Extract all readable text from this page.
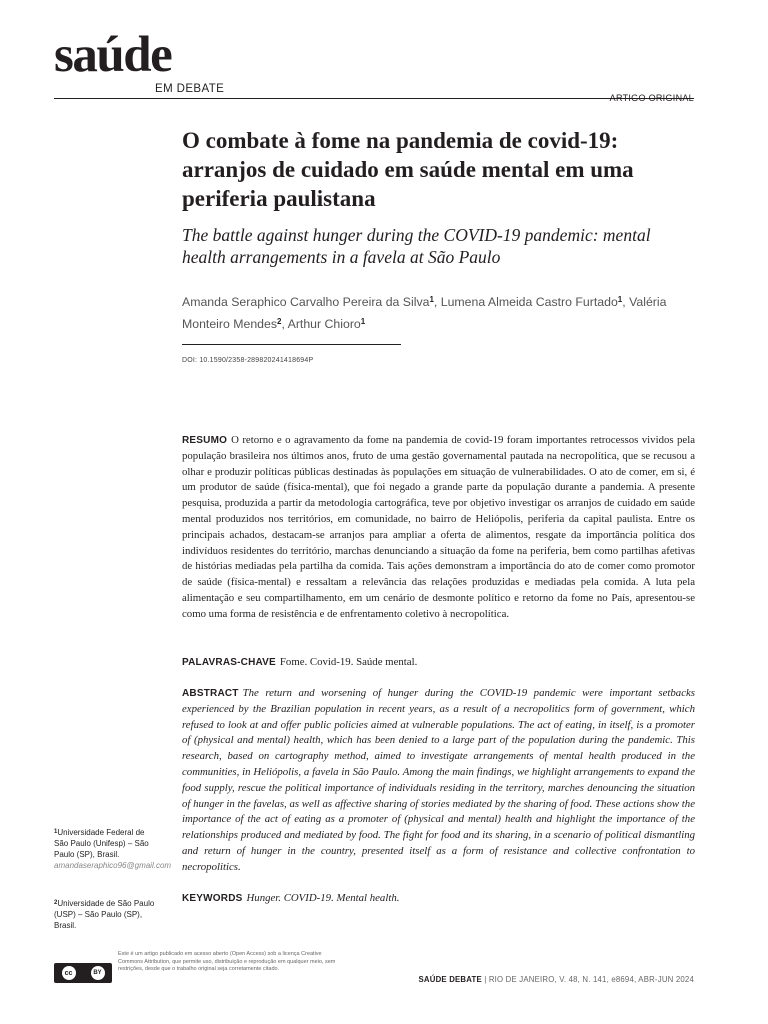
saúde
EM DEBATE
ARTIGO ORIGINAL
O combate à fome na pandemia de covid-19: arranjos de cuidado em saúde mental em uma periferia paulistana
The battle against hunger during the COVID-19 pandemic: mental health arrangements in a favela at São Paulo
Amanda Seraphico Carvalho Pereira da Silva$^1$, Lumena Almeida Castro Furtado$^1$, Valéria Monteiro Mendes$^2$, Arthur Chioro$^1$
DOI: 10.1590/2358-289820241418694P
RESUMO O retorno e o agravamento da fome na pandemia de covid-19 foram importantes retrocessos vividos pela população brasileira nos últimos anos, fruto de uma gestão governamental pautada na necropolítica, que se recusou a olhar e produzir políticas públicas destinadas às populações em situação de vulnerabilidades. O ato de comer, em si, é um produtor de saúde (física-mental), que foi negado a grande parte da população durante a pandemia. A presente pesquisa, produzida a partir da metodologia cartográfica, teve por objetivo investigar os arranjos de cuidado em saúde mental produzidos nos territórios, em comunidade, no bairro de Heliópolis, periferia da capital paulista. Entre os principais achados, destacam-se arranjos para ampliar a oferta de alimentos, resgate da importância política dos indivíduos residentes do território, marchas denunciando a situação da fome na periferia, bem como partilhas afetivas de histórias mediadas pela partilha da comida. Tais ações demonstram a importância do ato de comer como promotor de saúde (física-mental) e ressaltam a relevância das relações produzidas e mediadas pela comida. A luta pela alimentação e seu compartilhamento, em um cenário de desmonte político e retorno da fome no País, apresentou-se como uma forma de resistência e de enfrentamento coletivo à necropolítica.
PALAVRAS-CHAVE Fome. Covid-19. Saúde mental.
ABSTRACT The return and worsening of hunger during the COVID-19 pandemic were important setbacks experienced by the Brazilian population in recent years, as a result of a necropolitics form of government, which refused to look at and offer public policies aimed at vulnerable populations. The act of eating, in itself, is a promoter of (physical and mental) health, which has been denied to a large part of the population during the pandemic. This research, based on cartography method, aimed to investigate arrangements of mental health produced in the communities, in Heliópolis, a favela in São Paulo. Among the main findings, we highlight arrangements to expand the food supply, rescue the political importance of individuals residing in the territory, marches denouncing the situation of hunger in the favelas, as well as affective sharing of stories mediated by the sharing of food. These actions show the importance of the act of eating as a promoter of (physical and mental) health and highlight the importance of the relationships produced and mediated by food. The fight for food and its sharing, in a scenario of political dismantling and return of hunger in the country, presented itself as a form of resistance and collective confrontation to necropolitics.
KEYWORDS Hunger. COVID-19. Mental health.
$^1$Universidade Federal de São Paulo (Unifesp) – São Paulo (SP), Brasil.
amandaseraphico96@gmail.com
$^2$Universidade de São Paulo (USP) – São Paulo (SP), Brasil.
cc	BY
Este é um artigo publicado em acesso aberto (Open Access) sob a licença Creative Commons Attribution, que permite uso, distribuição e reprodução em qualquer meio, sem restrições, desde que o trabalho original seja corretamente citado.
SAÚDE DEBATE | RIO DE JANEIRO, V. 48, N. 141, e8694, ABR-JUN 2024
